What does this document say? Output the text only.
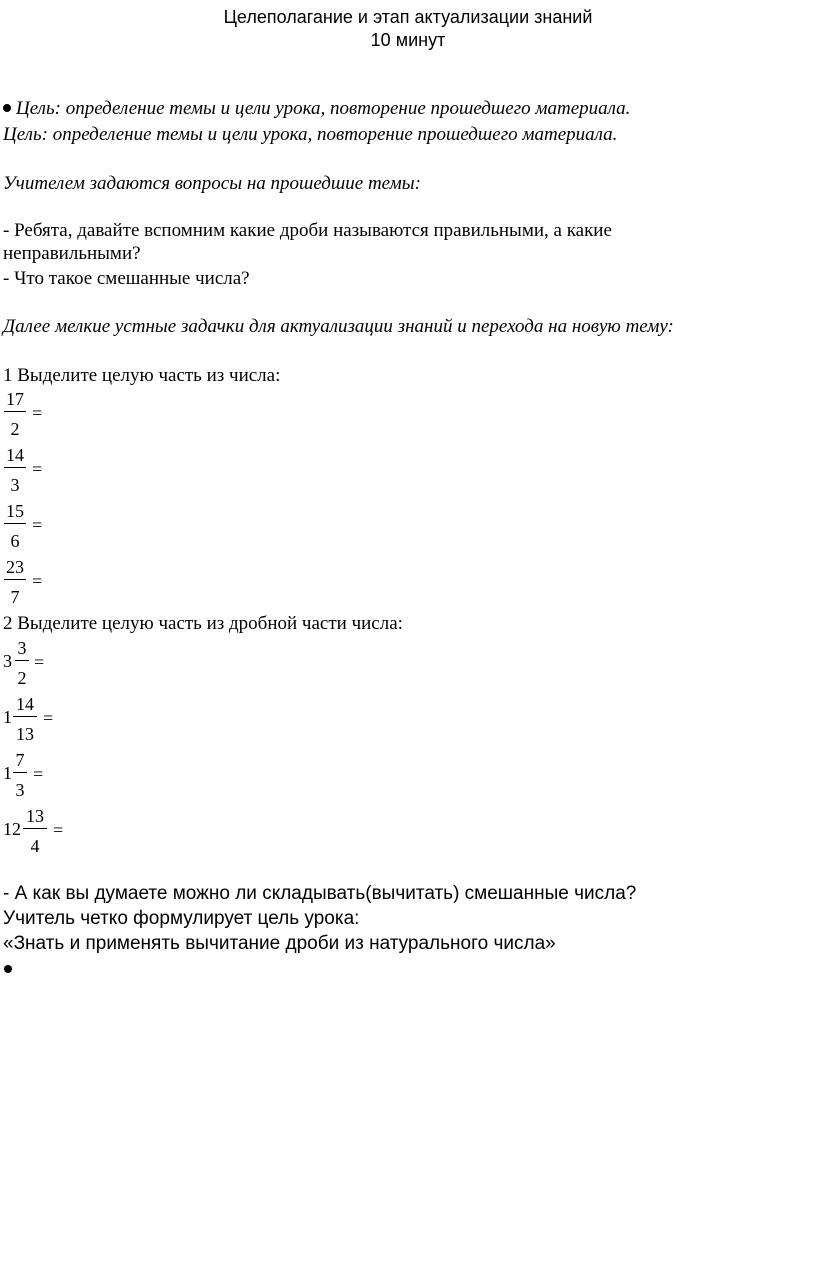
Целеполагание и этап актуализации знаний
10 минут
Цель: определение темы и цели урока, повторение прошедшего материала.
Цель: определение темы и цели урока, повторение прошедшего материала.
Учителем задаются вопросы на прошедшие темы:
- Ребята, давайте вспомним какие дроби называются правильными, а какие
неправильными?
- Что такое смешанные числа?
Далее мелкие устные задачки для актуализации знаний и перехода на новую тему:
1 Выделите целую часть из числа:
17
2
=
14
3
=
15
6
=
23
7
=
2 Выделите целую часть из дробной части числа:
3
3
2
=
1
14
13
=
1
7
3
=
12
13
4
=
- А как вы думаете можно ли складывать(вычитать) смешанные числа?
Учитель четко формулирует цель урока:
«Знать и применять вычитание дроби из натурального числа»
